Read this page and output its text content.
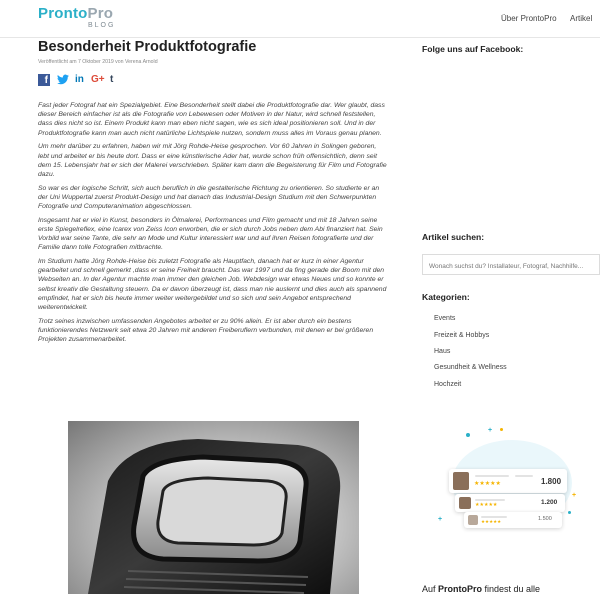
ProntoPro
BLOG
Über ProntoPro Artikel
Besonderheit Produktfotografie
Veröffentlicht am 7 Oktober 2019 von Verena Arnold
f	in G+ t

Fast jeder Fotograf hat ein Spezialgebiet. Eine Besonderheit stellt dabei die Produktfotografie dar. Wer glaubt, dass dieser Bereich einfacher ist als die Fotografie von Lebewesen oder Motiven in der Natur, wird schnell feststellen, dass dies nicht so ist. Einem Produkt kann man eben nicht sagen, wie es sich ideal positionieren soll. Und in der Produktfotografie kann man auch nicht natürliche Lichtspiele nutzen, sondern muss alles im Voraus genau planen.

Um mehr darüber zu erfahren, haben wir mit Jörg Rohde-Heise gesprochen. Vor 60 Jahren in Solingen geboren, lebt und arbeitet er bis heute dort. Dass er eine künstlerische Ader hat, wurde schon früh offensichtlich, denn seit dem 15. Lebensjahr hat er sich der Malerei verschrieben. Später kam dann die Begeisterung für Film und Fotografie dazu.

So war es der logische Schritt, sich auch beruflich in die gestalterische Richtung zu orientieren. So studierte er an der Uni Wuppertal zuerst Produkt-Design und hat danach das Industrial-Design Studium mit den Schwerpunkten Fotografie und Computeranimation abgeschlossen.

Insgesamt hat er viel in Kunst, besonders in Ölmalerei, Performances und Film gemacht und mit 18 Jahren seine erste Spiegelreflex, eine Icarex von Zeiss Icon erworben, die er sich durch Jobs neben dem Abi finanziert hat. Sein Vorbild war seine Tante, die sehr an Mode und Kultur interessiert war und auf ihren Reisen fotografierte und der Familie dann tolle Fotografien mitbrachte.

Im Studium hatte Jörg Rohde-Heise bis zuletzt Fotografie als Hauptfach, danach hat er kurz in einer Agentur gearbeitet und schnell gemerkt ,dass er seine Freiheit braucht. Das war 1997 und da fing gerade der Boom mit den Webseiten an. In der Agentur machte man immer den gleichen Job. Webdesign war etwas Neues und so konnte er selbst kreativ die Gestaltung steuern. Da er davon überzeugt ist, dass man nie auslernt und dies auch als spannend empfindet, hat er sich bis heute immer weiter weitergebildet und so sich und sein Angebot entsprechend weiterentwickelt.

Trotz seines inzwischen umfassenden Angebotes arbeitet er zu 90% allein. Er ist aber durch ein bestens funktionierendes Netzwerk seit etwa 20 Jahren mit anderen Freiberuflern verbunden, mit denen er bei größeren Projekten zusammenarbeitet.

Folge uns auf Facebook:
Artikel suchen:
Wonach suchst du? Installateur, Fotograf, Nachhilfe...
Kategorien:
Events
Freizeit & Hobbys
Haus
Gesundheit & Wellness
Hochzeit
+
+
+
★★★★★	1.800
★★★★★	1.200
★★★★★	1.500
Auf ProntoPro findest du alle
